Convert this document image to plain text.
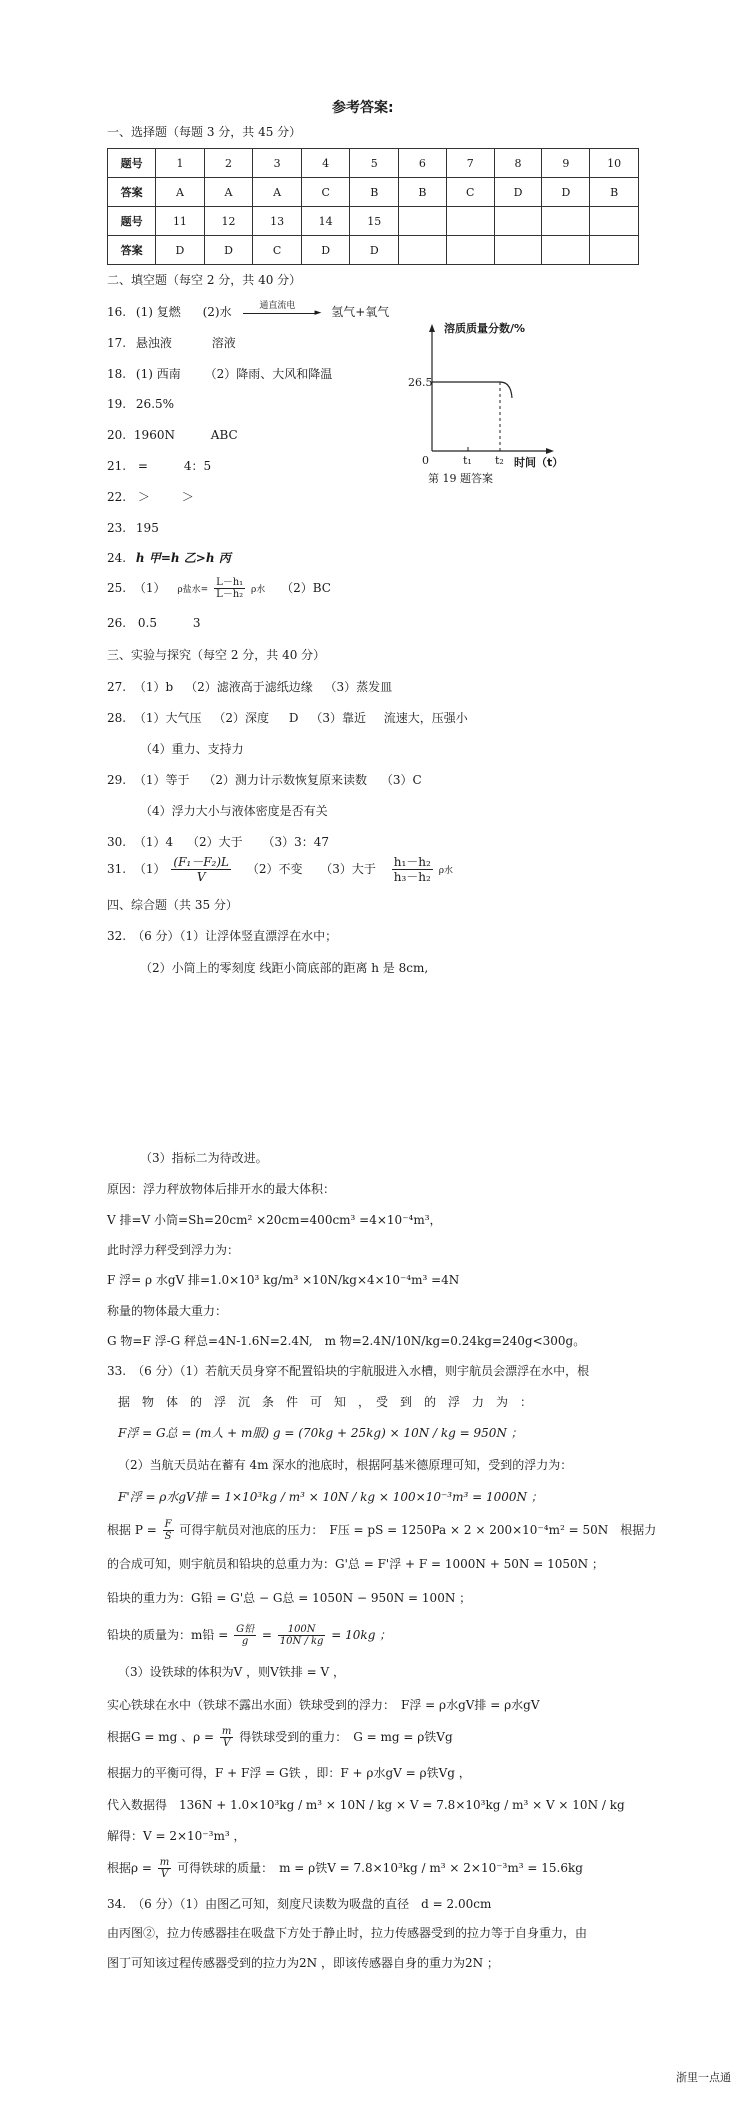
参考答案:
一、选择题（每题 3 分，共 45 分）
题号	1	2	3	4	5	6	7	8	9	10
答案	A	A	A	C	B	B	C	D	D	B
题号	11	12	13	14	15					
答案	D	D	C	D	D					
二、填空题（每空 2 分，共 40 分）
16. (1) 复燃 (2)水	通直流电
► 氢气+氧气
17. 悬浊液	溶液
18. (1) 西南 （2）降雨、大风和降温
19. 26.5%
20. 1960N	ABC
21. =	4：5
22. ＞	＞
23. 195
24. h 甲=h 乙>h 丙
25. （1） ρ盐水= $\frac{\text{L－h₁}}{\text{L－h₂}}$ ρ水 （2）BC
26. 0.5	3
溶质质量分数/%
26.5
0	t₁ t₂ 时间（t）
第 19 题答案
三、实验与探究（每空 2 分，共 40 分）
27. （1）b （2）滤液高于滤纸边缘 （3）蒸发皿
28. （1）大气压 （2）深度 D （3）靠近 流速大，压强小
（4）重力、支持力
29. （1）等于 （2）测力计示数恢复原来读数 （3）C
（4）浮力大小与液体密度是否有关
30. （1）4 （2）大于 （3）3：47
31. $(1) \frac{\text{(F₁－F₂)L}}{V} (2)$不变 （3）大于 $\frac{\text{h₁－h₂}}{\text{h₃－h₂}}$ ρ水
四、综合题（共 35 分）
32.　（6 分）（1）让浮体竖直漂浮在水中；
（2）小筒上的零刻度 线距小筒底部的距离 h 是 8cm,
（3）指标二为待改进。
原因：浮力秤放物体后排开水的最大体积：
V 排=V 小筒=Sh=20cm² ×20cm=400cm³ =4×10⁻⁴m³，
此时浮力秤受到浮力为：
F 浮= ρ 水gV 排=1.0×10³ kg/m³ ×10N/kg×4×10⁻⁴m³ =4N
称量的物体最大重力：
G 物=F 浮-G 秤总=4N-1.6N=2.4N,　m 物=2.4N/10N/kg=0.24kg=240g<300g。
33.　（6 分）（1）若航天员身穿不配置铅块的宇航服进入水槽，则宇航员会漂浮在水中，根
据　物　体　的　浮　沉　条　件　可　知　，　受　到　的　浮　力　为　：
F浮 = G总 = (m人 + m服) g = (70kg + 25kg) × 10N / kg = 950N ；
（2）当航天员站在蓄有 4m 深水的池底时，根据阿基米德原理可知，受到的浮力为：
F'浮 = ρ水gV排 = 1×10³kg / m³ × 10N / kg × 100×10⁻³m³ = 1000N ；
根据 $P = \frac{F}{S}$ 可得宇航员对池底的压力：　F压 = pS = 1250Pa × 2 × 200×10⁻⁴m² = 50N　根据力
的合成可知，则宇航员和铅块的总重力为：G'总 = F'浮 + F = 1000N + 50N = 1050N ；
铅块的重力为：G铅 = G'总 − G总 = 1050N − 950N = 100N ；
铅块的质量为：m铅 = G铅
g	= $\frac{100N}{10N / kg} = 10kg$ ；
（3）设铁球的体积为V ，则V铁排 = V ，
实心铁球在水中（铁球不露出水面）铁球受到的浮力：　F浮 = ρ水gV排 = ρ水gV
根据G = mg 、$\rho = \frac{m}{V}$ 得铁球受到的重力：　G = mg = ρ铁Vg
根据力的平衡可得，F + F浮 = G铁 ，即：F + ρ水gV = ρ铁Vg ，
代入数据得　136N + 1.0×10³kg / m³ × 10N / kg × V = 7.8×10³kg / m³ × V × 10N / kg
解得：V = 2×10⁻³m³ ，
根据$\rho = \frac{m}{V}$ 可得铁球的质量：　m = ρ铁V = 7.8×10³kg / m³ × 2×10⁻³m³ = 15.6kg
34.　（6 分）（1）由图乙可知，刻度尺读数为吸盘的直径　d = 2.00cm
由丙图②，拉力传感器挂在吸盘下方处于静止时，拉力传感器受到的拉力等于自身重力，由
图丁可知该过程传感器受到的拉力为2N ，即该传感器自身的重力为2N ；
浙里一点通
